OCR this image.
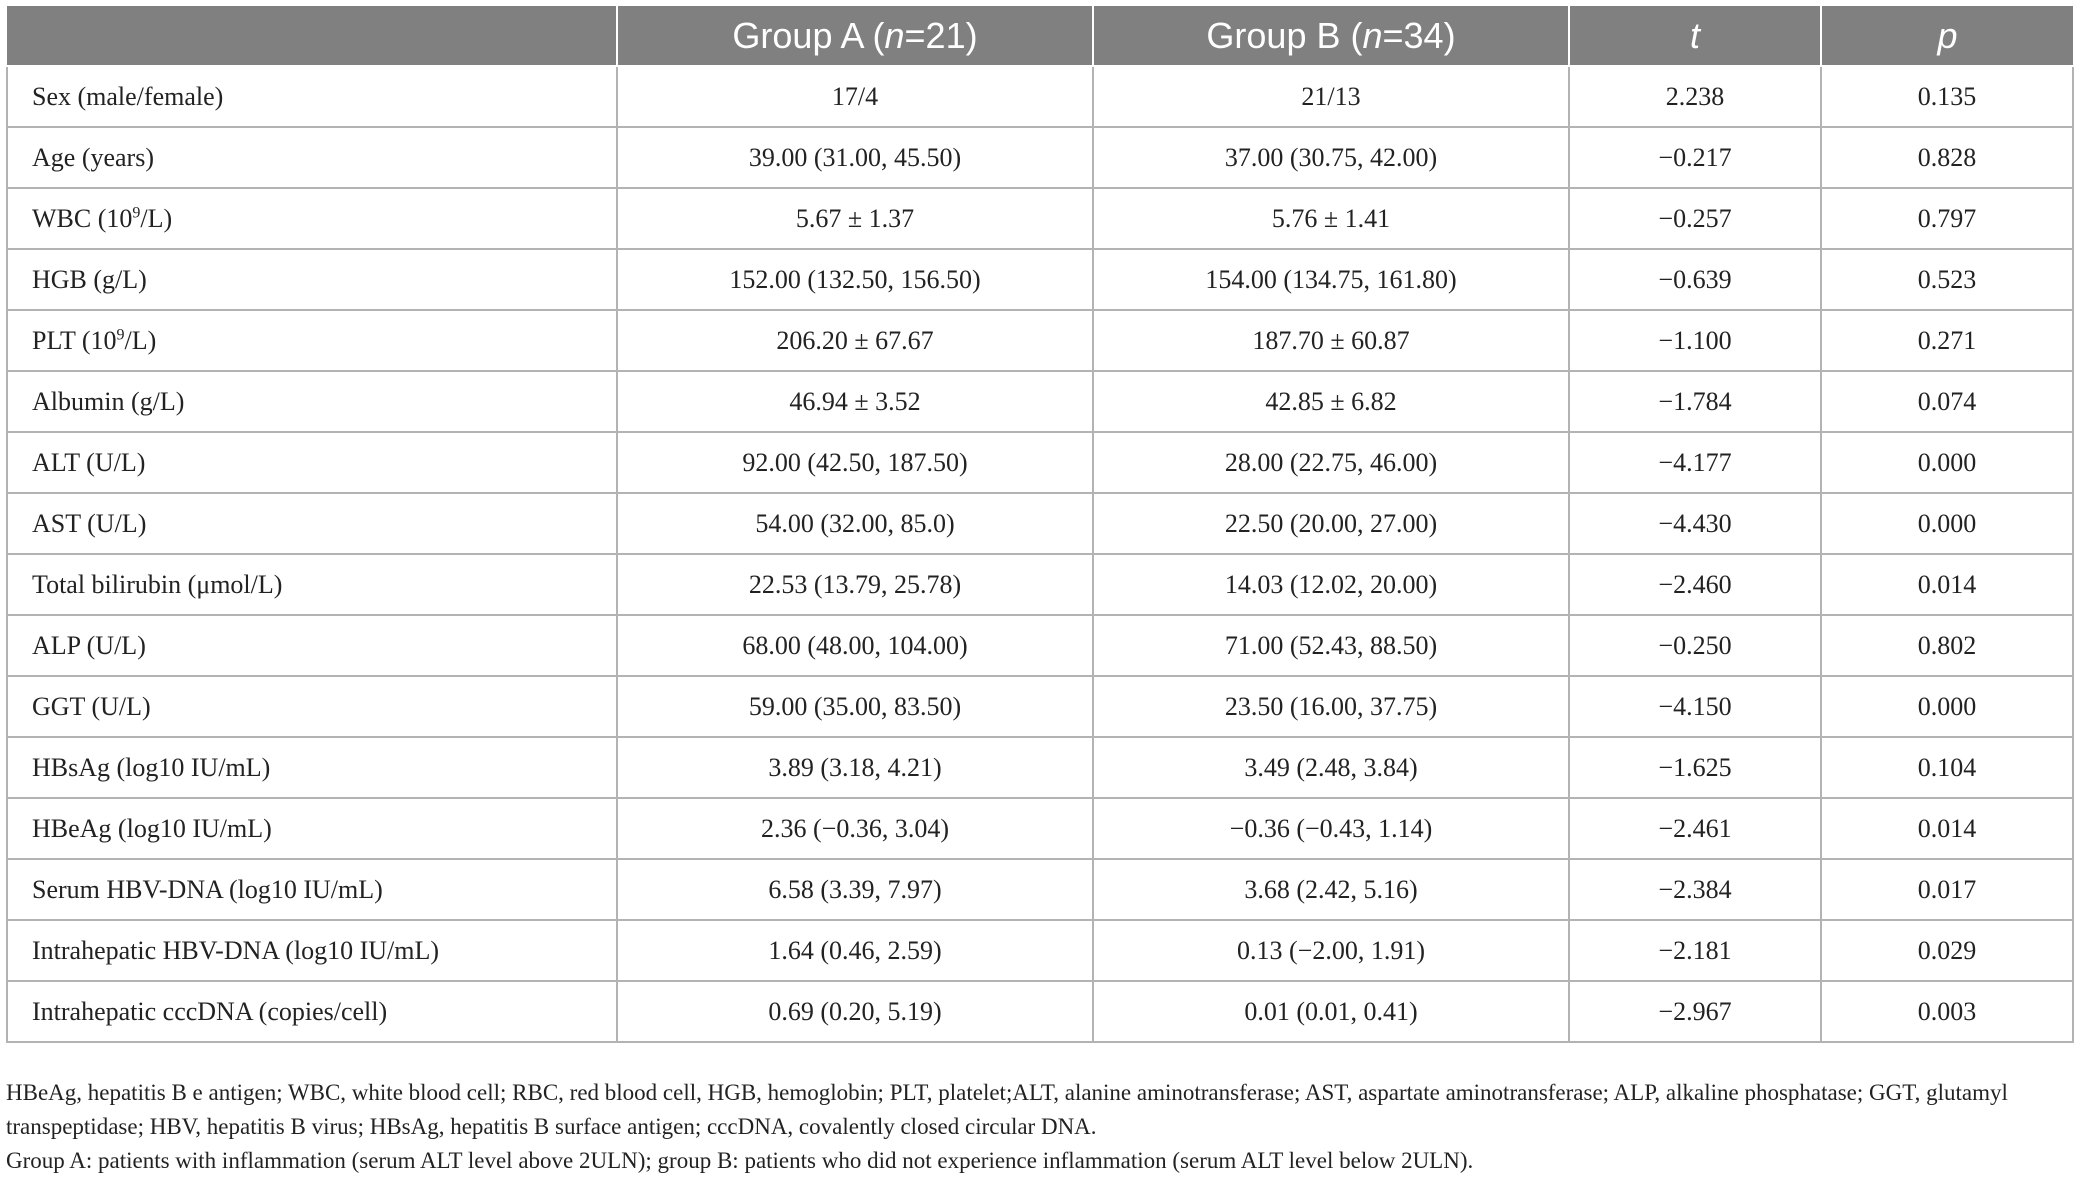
	Group A (n=21)	Group B (n=34)	t	p
Sex (male/female)	17/4	21/13	2.238	0.135
Age (years)	39.00 (31.00, 45.50)	37.00 (30.75, 42.00)	−0.217	0.828
WBC $(10^9/L)$	5.67 ± 1.37	5.76 ± 1.41	−0.257	0.797
HGB (g/L)	152.00 (132.50, 156.50)	154.00 (134.75, 161.80)	−0.639	0.523
PLT $(10^9/L)$	206.20 ± 67.67	187.70 ± 60.87	−1.100	0.271
Albumin (g/L)	46.94 ± 3.52	42.85 ± 6.82	−1.784	0.074
ALT (U/L)	92.00 (42.50, 187.50)	28.00 (22.75, 46.00)	−4.177	0.000
AST (U/L)	54.00 (32.00, 85.0)	22.50 (20.00, 27.00)	−4.430	0.000
Total bilirubin (μmol/L)	22.53 (13.79, 25.78)	14.03 (12.02, 20.00)	−2.460	0.014
ALP (U/L)	68.00 (48.00, 104.00)	71.00 (52.43, 88.50)	−0.250	0.802
GGT (U/L)	59.00 (35.00, 83.50)	23.50 (16.00, 37.75)	−4.150	0.000
HBsAg (log10 IU/mL)	3.89 (3.18, 4.21)	3.49 (2.48, 3.84)	−1.625	0.104
HBeAg (log10 IU/mL)	2.36 (−0.36, 3.04)	−0.36 (−0.43, 1.14)	−2.461	0.014
Serum HBV-DNA (log10 IU/mL)	6.58 (3.39, 7.97)	3.68 (2.42, 5.16)	−2.384	0.017
Intrahepatic HBV-DNA (log10 IU/mL)	1.64 (0.46, 2.59)	0.13 (−2.00, 1.91)	−2.181	0.029
Intrahepatic cccDNA (copies/cell)	0.69 (0.20, 5.19)	0.01 (0.01, 0.41)	−2.967	0.003

HBeAg, hepatitis B e antigen; WBC, white blood cell; RBC, red blood cell, HGB, hemoglobin; PLT, platelet;ALT, alanine aminotransferase; AST, aspartate aminotransferase; ALP, alkaline phosphatase; GGT, glutamyl transpeptidase; HBV, hepatitis B virus; HBsAg, hepatitis B surface antigen; cccDNA, covalently closed circular DNA.

Group A: patients with inflammation (serum ALT level above 2ULN); group B: patients who did not experience inflammation (serum ALT level below 2ULN).
